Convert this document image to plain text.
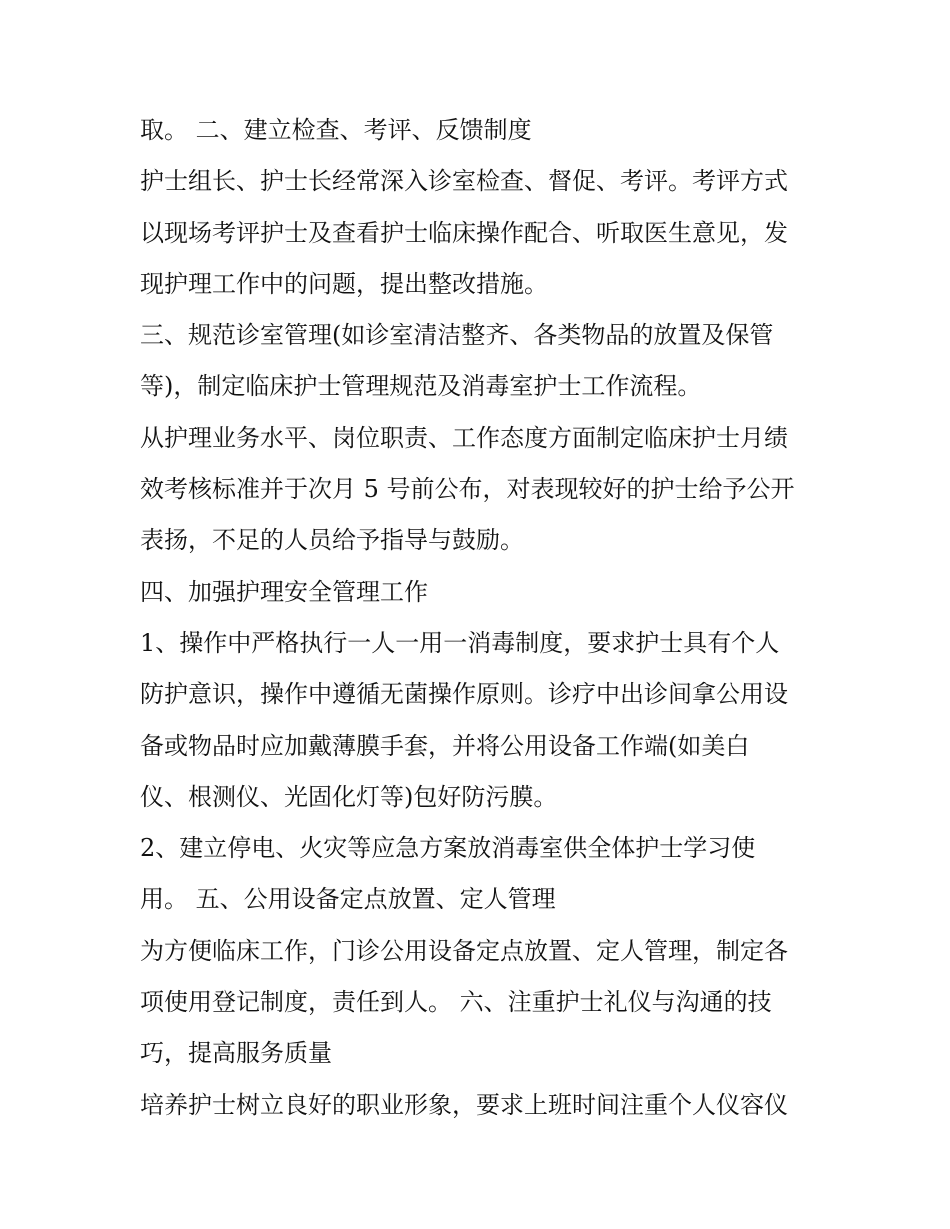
取。 二、建立检查、考评、反馈制度
护士组长、护士长经常深入诊室检查、督促、考评。考评方式
以现场考评护士及查看护士临床操作配合、听取医生意见，发
现护理工作中的问题，提出整改措施。
三、规范诊室管理(如诊室清洁整齐、各类物品的放置及保管
等)，制定临床护士管理规范及消毒室护士工作流程。
从护理业务水平、岗位职责、工作态度方面制定临床护士月绩
效考核标准并于次月 5 号前公布，对表现较好的护士给予公开
表扬，不足的人员给予指导与鼓励。
四、加强护理安全管理工作
1、操作中严格执行一人一用一消毒制度，要求护士具有个人
防护意识，操作中遵循无菌操作原则。诊疗中出诊间拿公用设
备或物品时应加戴薄膜手套，并将公用设备工作端(如美白
仪、根测仪、光固化灯等)包好防污膜。
2、建立停电、火灾等应急方案放消毒室供全体护士学习使
用。 五、公用设备定点放置、定人管理
为方便临床工作，门诊公用设备定点放置、定人管理，制定各
项使用登记制度，责任到人。 六、注重护士礼仪与沟通的技
巧，提高服务质量
培养护士树立良好的职业形象，要求上班时间注重个人仪容仪
